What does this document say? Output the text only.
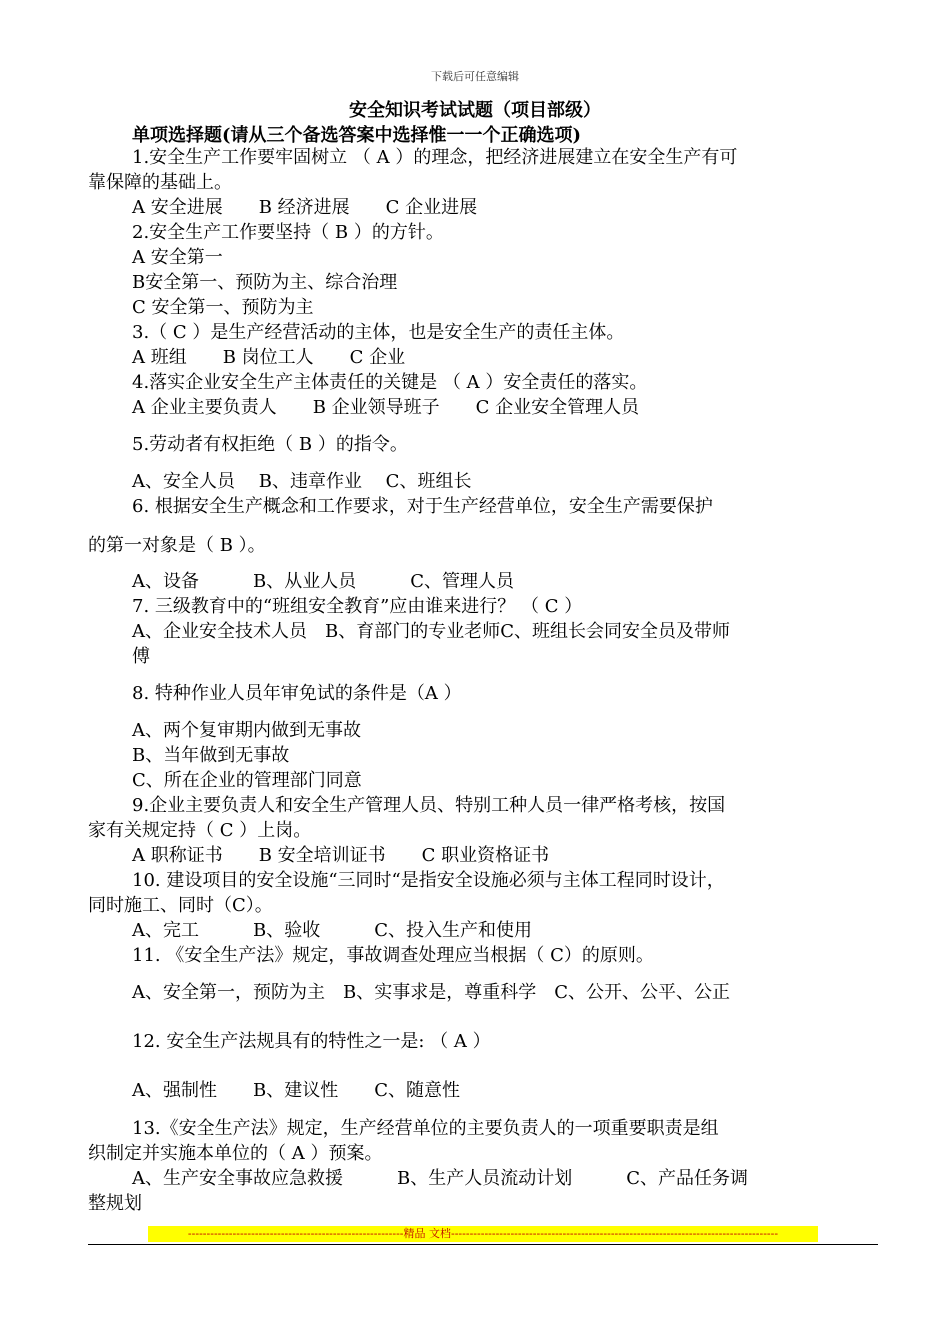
下载后可任意编辑
安全知识考试试题（项目部级）
单项选择题(请从三个备选答案中选择惟一一个正确选项)
1.安全生产工作要牢固树立 （ A ）的理念，把经济进展建立在安全生产有可
靠保障的基础上。
A 安全进展　　B 经济进展　　C 企业进展
2.安全生产工作要坚持（ B ）的方针。
A 安全第一
B安全第一、预防为主、综合治理
C 安全第一、预防为主
3.（ C ）是生产经营活动的主体，也是安全生产的责任主体。
A 班组　　B 岗位工人　　C 企业
4.落实企业安全生产主体责任的关键是 （ A ）安全责任的落实。
A 企业主要负责人　　B 企业领导班子　　C 企业安全管理人员
5.劳动者有权拒绝（ B ）的指令。
A、安全人员　 B、违章作业　 C、班组长
6. 根据安全生产概念和工作要求，对于生产经营单位，安全生产需要保护
的第一对象是（ B ）。
A、设备　　　B、从业人员　　　C、管理人员
7. 三级教育中的“班组安全教育”应由谁来进行？ （ C ）
A、企业安全技术人员　B、育部门的专业老师C、班组长会同安全员及带师
傅
8. 特种作业人员年审免试的条件是（A ）
A、两个复审期内做到无事故
B、当年做到无事故
C、所在企业的管理部门同意
9.企业主要负责人和安全生产管理人员、特别工种人员一律严格考核，按国
家有关规定持（ C ）上岗。
A 职称证书　　B 安全培训证书　　C 职业资格证书
10. 建设项目的安全设施“三同时“是指安全设施必须与主体工程同时设计，
同时施工、同时（C）。
A、完工　　　B、验收　　　C、投入生产和使用
11. 《安全生产法》规定，事故调查处理应当根据（ C）的原则。
A、安全第一，预防为主　B、实事求是，尊重科学　C、公开、公平、公正
12. 安全生产法规具有的特性之一是: （ A ）
A、强制性　　B、建议性　　C、随意性
13.《安全生产法》规定，生产经营单位的主要负责人的一项重要职责是组
织制定并实施本单位的（ A ）预案。
A、生产安全事故应急救援　　　B、生产人员流动计划　　　C、产品任务调
整规划
----------------------------------------------------------精品 文档----------------------------------------------------------------------------------------
